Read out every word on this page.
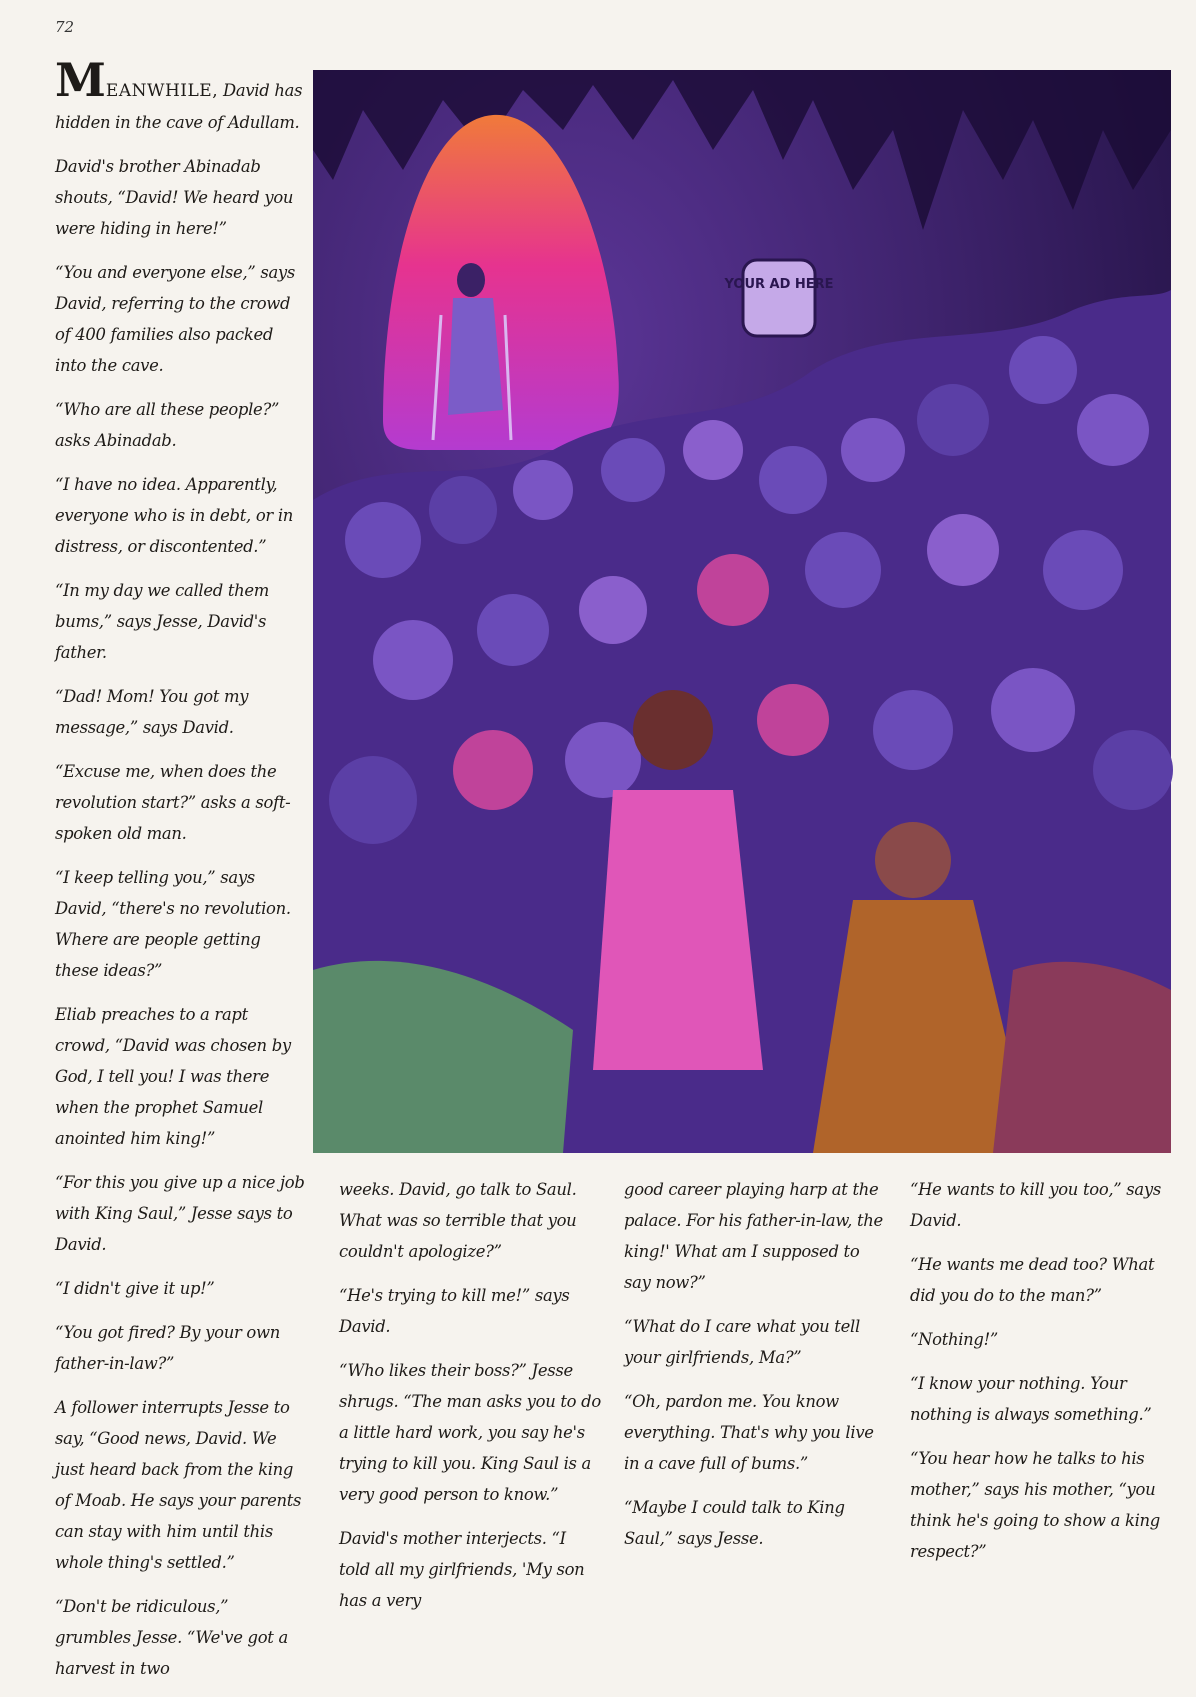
72

MEANWHILE, David has hidden in the cave of Adullam.

David's brother Abinadab shouts, “David! We heard you were hiding in here!”

“You and everyone else,” says David, referring to the crowd of 400 families also packed into the cave.

“Who are all these people?” asks Abinadab.

“I have no idea. Apparently, everyone who is in debt, or in distress, or discontented.”

“In my day we called them bums,” says Jesse, David's father.

“Dad! Mom! You got my message,” says David.

“Excuse me, when does the revolution start?” asks a soft-spoken old man.

“I keep telling you,” says David, “there's no revolution. Where are people getting these ideas?”

Eliab preaches to a rapt crowd, “David was chosen by God, I tell you! I was there when the prophet Samuel anointed him king!”

“For this you give up a nice job with King Saul,” Jesse says to David.

“I didn't give it up!”

“You got fired? By your own father-in-law?”

A follower interrupts Jesse to say, “Good news, David. We just heard back from the king of Moab. He says your parents can stay with him until this whole thing's settled.”

“Don't be ridiculous,” grumbles Jesse. “We've got a harvest in two

YOUR AD HERE

weeks. David, go talk to Saul. What was so terrible that you couldn't apologize?”

“He's trying to kill me!” says David.

“Who likes their boss?” Jesse shrugs. “The man asks you to do a little hard work, you say he's trying to kill you. King Saul is a very good person to know.”

David's mother interjects. “I told all my girlfriends, 'My son has a very

good career playing harp at the palace. For his father-in-law, the king!' What am I supposed to say now?”

“What do I care what you tell your girlfriends, Ma?”

“Oh, pardon me. You know everything. That's why you live in a cave full of bums.”

“Maybe I could talk to King Saul,” says Jesse.

“He wants to kill you too,” says David.

“He wants me dead too? What did you do to the man?”

“Nothing!”

“I know your nothing. Your nothing is always something.”

“You hear how he talks to his mother,” says his mother, “you think he's going to show a king respect?”
